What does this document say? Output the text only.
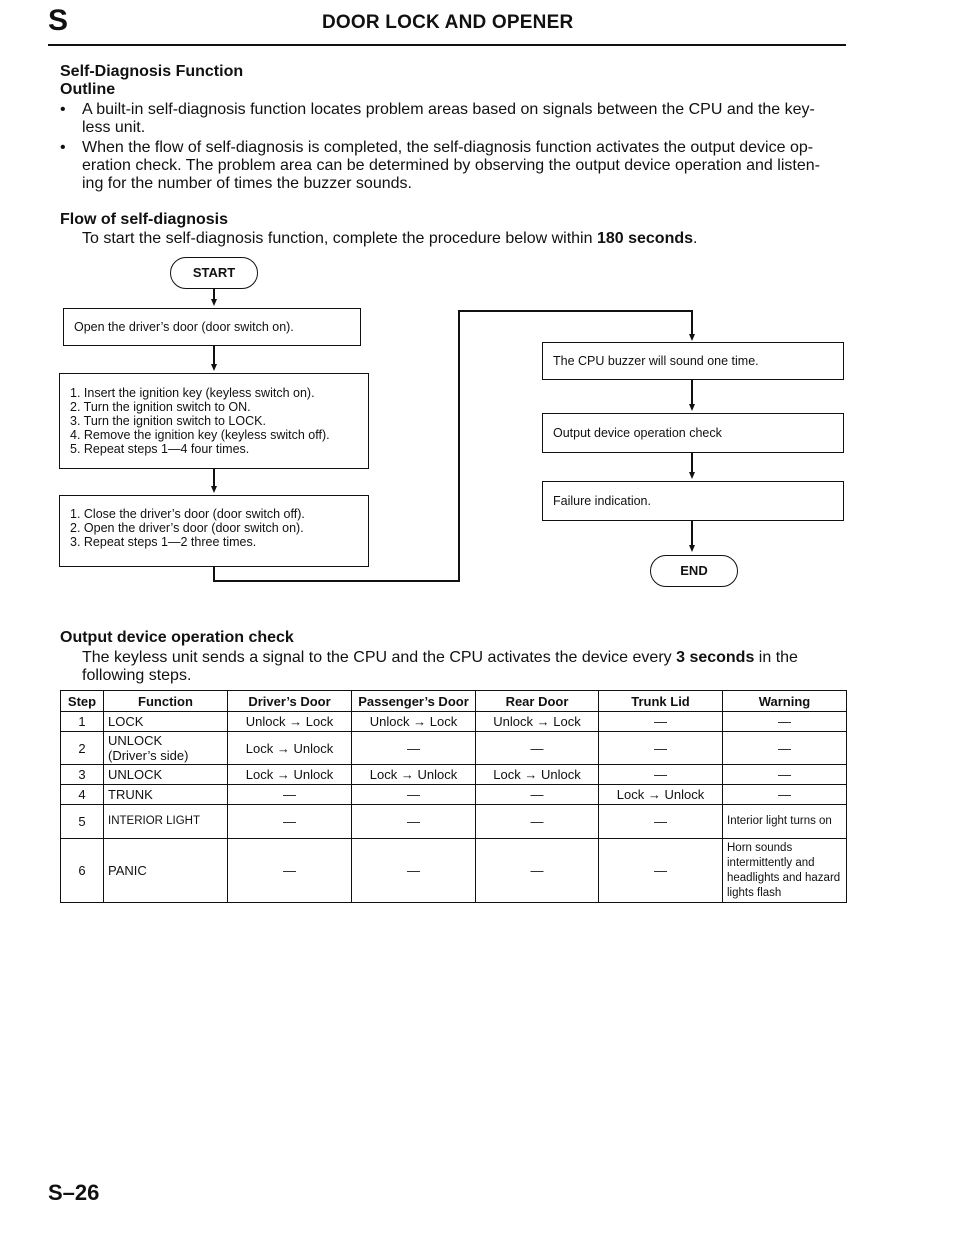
S	DOOR LOCK AND OPENER
Self-Diagnosis Function
Outline
• A built-in self-diagnosis function locates problem areas based on signals between the CPU and the key-
less unit.
• When the flow of self-diagnosis is completed, the self-diagnosis function activates the output device op-
eration check. The problem area can be determined by observing the output device operation and listen-
ing for the number of times the buzzer sounds.
Flow of self-diagnosis
To start the self-diagnosis function, complete the procedure below within 180 seconds.
START
Open the driver’s door (door switch on).
1. Insert the ignition key (keyless switch on).
2. Turn the ignition switch to ON.
3. Turn the ignition switch to LOCK.
4. Remove the ignition key (keyless switch off).
5. Repeat steps 1—4 four times.
1. Close the driver’s door (door switch off).
2. Open the driver’s door (door switch on).
3. Repeat steps 1—2 three times.
The CPU buzzer will sound one time.
Output device operation check
Failure indication.
END
Output device operation check
The keyless unit sends a signal to the CPU and the CPU activates the device every 3 seconds in the
following steps.
Step	Function	Driver’s Door	Passenger’s Door	Rear Door	Trunk Lid	Warning
1	LOCK	Unlock → Lock	Unlock → Lock	Unlock → Lock	—	—
2	UNLOCK
(Driver’s side)	Lock → Unlock	—	—	—	—
3	UNLOCK	Lock → Unlock	Lock → Unlock	Lock → Unlock	—	—
4	TRUNK	—	—	—	Lock → Unlock	—
5	INTERIOR LIGHT	—	—	—	—	Interior light turns on
6	PANIC	—	—	—	—	Horn sounds intermittently and headlights and hazard lights flash
S–26
